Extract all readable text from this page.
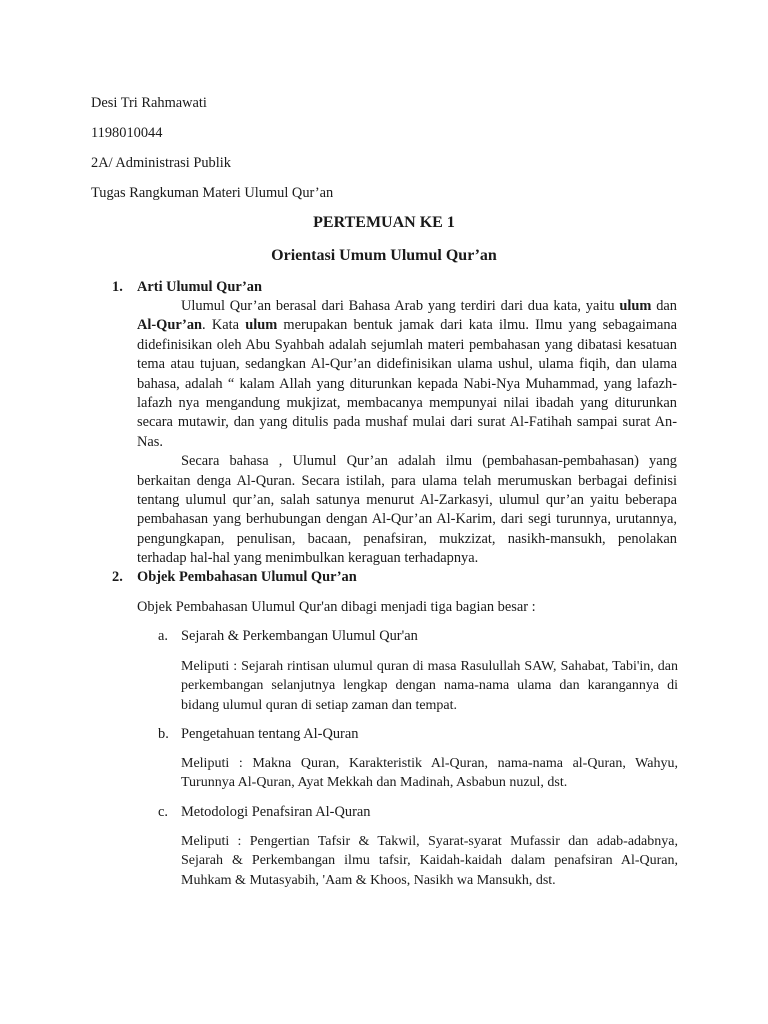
Desi Tri Rahmawati
1198010044
2A/ Administrasi Publik
Tugas Rangkuman Materi Ulumul Qur’an
PERTEMUAN KE 1
Orientasi Umum Ulumul Qur’an
1. Arti Ulumul Qur’an

Ulumul Qur’an berasal dari Bahasa Arab yang terdiri dari dua kata, yaitu ulum dan Al-Qur’an. Kata ulum merupakan bentuk jamak dari kata ilmu. Ilmu yang sebagaimana didefinisikan oleh Abu Syahbah adalah sejumlah materi pembahasan yang dibatasi kesatuan tema atau tujuan, sedangkan Al-Qur’an didefinisikan ulama ushul, ulama fiqih, dan ulama bahasa, adalah “ kalam Allah yang diturunkan kepada Nabi-Nya Muhammad, yang lafazh-lafazh nya mengandung mukjizat, membacanya mempunyai nilai ibadah yang diturunkan secara mutawir, dan yang ditulis pada mushaf mulai dari surat Al-Fatihah sampai surat An-Nas.

Secara bahasa , Ulumul Qur’an adalah ilmu (pembahasan-pembahasan) yang berkaitan denga Al-Quran. Secara istilah, para ulama telah merumuskan berbagai definisi tentang ulumul qur’an, salah satunya menurut Al-Zarkasyi, ulumul qur’an yaitu beberapa pembahasan yang berhubungan dengan Al-Qur’an Al-Karim, dari segi turunnya, urutannya, pengungkapan, penulisan, bacaan, penafsiran, mukzizat, nasikh-mansukh, penolakan terhadap hal-hal yang menimbulkan keraguan terhadapnya.

2. Objek Pembahasan Ulumul Qur’an
Objek Pembahasan Ulumul Qur'an dibagi menjadi tiga bagian besar :
a. Sejarah & Perkembangan Ulumul Qur'an
Meliputi : Sejarah rintisan ulumul quran di masa Rasulullah SAW, Sahabat, Tabi'in, dan perkembangan selanjutnya lengkap dengan nama-nama ulama dan karangannya di bidang ulumul quran di setiap zaman dan tempat.
b. Pengetahuan tentang Al-Quran
Meliputi : Makna Quran, Karakteristik Al-Quran, nama-nama al-Quran, Wahyu, Turunnya Al-Quran, Ayat Mekkah dan Madinah, Asbabun nuzul, dst.
c. Metodologi Penafsiran Al-Quran
Meliputi : Pengertian Tafsir & Takwil, Syarat-syarat Mufassir dan adab-adabnya, Sejarah & Perkembangan ilmu tafsir, Kaidah-kaidah dalam penafsiran Al-Quran, Muhkam & Mutasyabih, 'Aam & Khoos, Nasikh wa Mansukh, dst.
